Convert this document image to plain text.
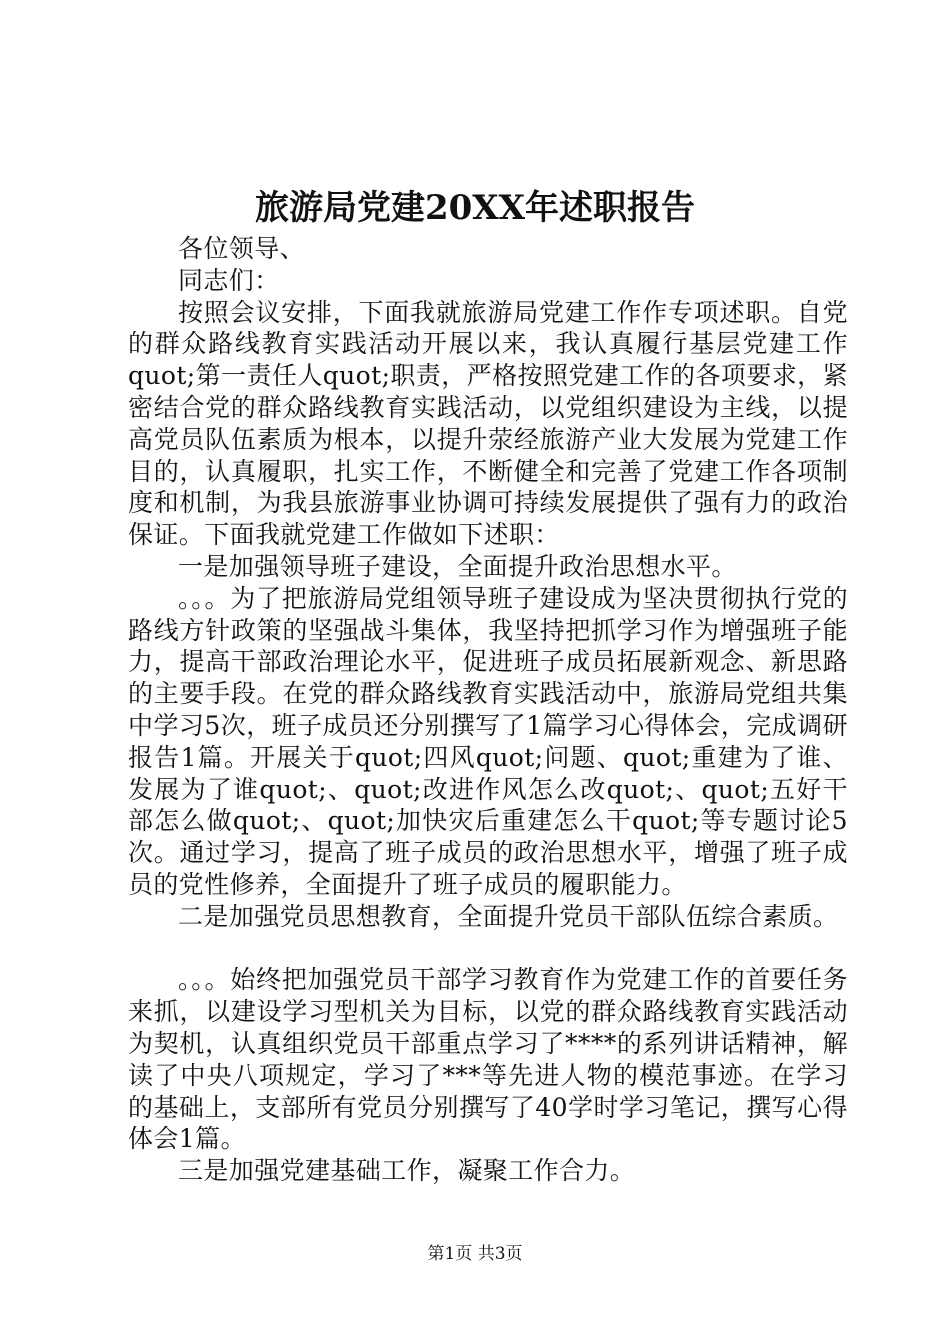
旅游局党建20XX年述职报告

各位领导、

同志们：

按照会议安排，下面我就旅游局党建工作作专项述职。自党的群众路线教育实践活动开展以来，我认真履行基层党建工作quot;第一责任人quot;职责，严格按照党建工作的各项要求，紧密结合党的群众路线教育实践活动，以党组织建设为主线，以提高党员队伍素质为根本，以提升荥经旅游产业大发展为党建工作目的，认真履职，扎实工作，不断健全和完善了党建工作各项制度和机制，为我县旅游事业协调可持续发展提供了强有力的政治保证。下面我就党建工作做如下述职：

一是加强领导班子建设，全面提升政治思想水平。

。。。为了把旅游局党组领导班子建设成为坚决贯彻执行党的路线方针政策的坚强战斗集体，我坚持把抓学习作为增强班子能力，提高干部政治理论水平，促进班子成员拓展新观念、新思路的主要手段。在党的群众路线教育实践活动中，旅游局党组共集中学习5次，班子成员还分别撰写了1篇学习心得体会，完成调研报告1篇。开展关于quot;四风quot;问题、quot;重建为了谁、发展为了谁quot;、quot;改进作风怎么改quot;、quot;五好干部怎么做quot;、quot;加快灾后重建怎么干quot;等专题讨论5次。通过学习，提高了班子成员的政治思想水平，增强了班子成员的党性修养，全面提升了班子成员的履职能力。

二是加强党员思想教育，全面提升党员干部队伍综合素质。

。。。始终把加强党员干部学习教育作为党建工作的首要任务来抓，以建设学习型机关为目标，以党的群众路线教育实践活动为契机，认真组织党员干部重点学习了****的系列讲话精神，解读了中央八项规定，学习了***等先进人物的模范事迹。在学习的基础上，支部所有党员分别撰写了40学时学习笔记，撰写心得体会1篇。

三是加强党建基础工作，凝聚工作合力。

第1页 共3页
